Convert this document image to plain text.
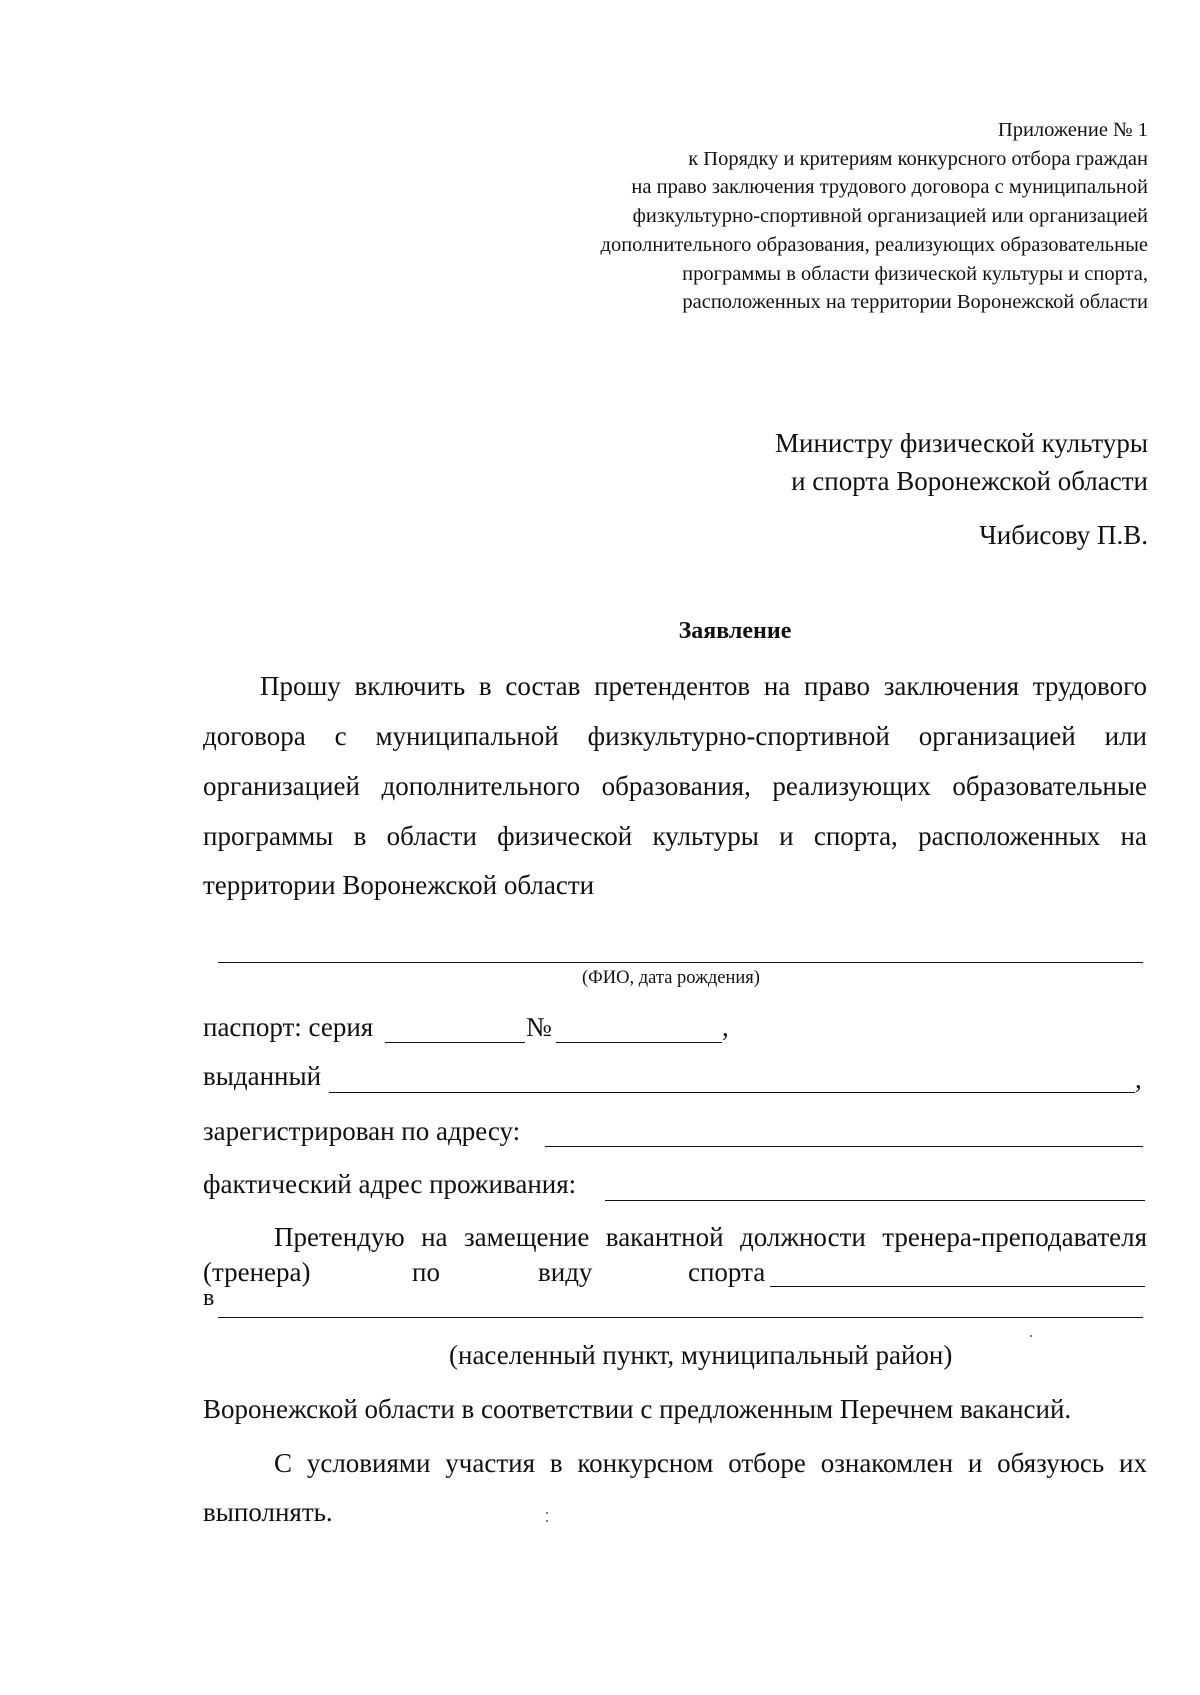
Приложение № 1
к Порядку и критериям конкурсного отбора граждан
на право заключения трудового договора с муниципальной
физкультурно-спортивной организацией или организацией
дополнительного образования, реализующих образовательные
программы в области физической культуры и спорта,
расположенных на территории Воронежской области
Министру физической культуры
и спорта Воронежской области
Чибисову П.В.
Заявление
Прошу включить в состав претендентов на право заключения трудового
договора с муниципальной физкультурно-спортивной организацией или
организацией дополнительного образования, реализующих образовательные
программы в области физической культуры и спорта, расположенных на
территории Воронежской области
(ФИО, дата рождения)
паспорт: серия	№	,
выданный	,
зарегистрирован по адресу:
фактический адрес проживания:
Претендую на замещение вакантной должности тренера-преподавателя
(тренера)	по	виду	спорта
в
(населенный пункт, муниципальный район)
Воронежской области в соответствии с предложенным Перечнем вакансий.
С условиями участия в конкурсном отборе ознакомлен и обязуюсь их
выполнять.
